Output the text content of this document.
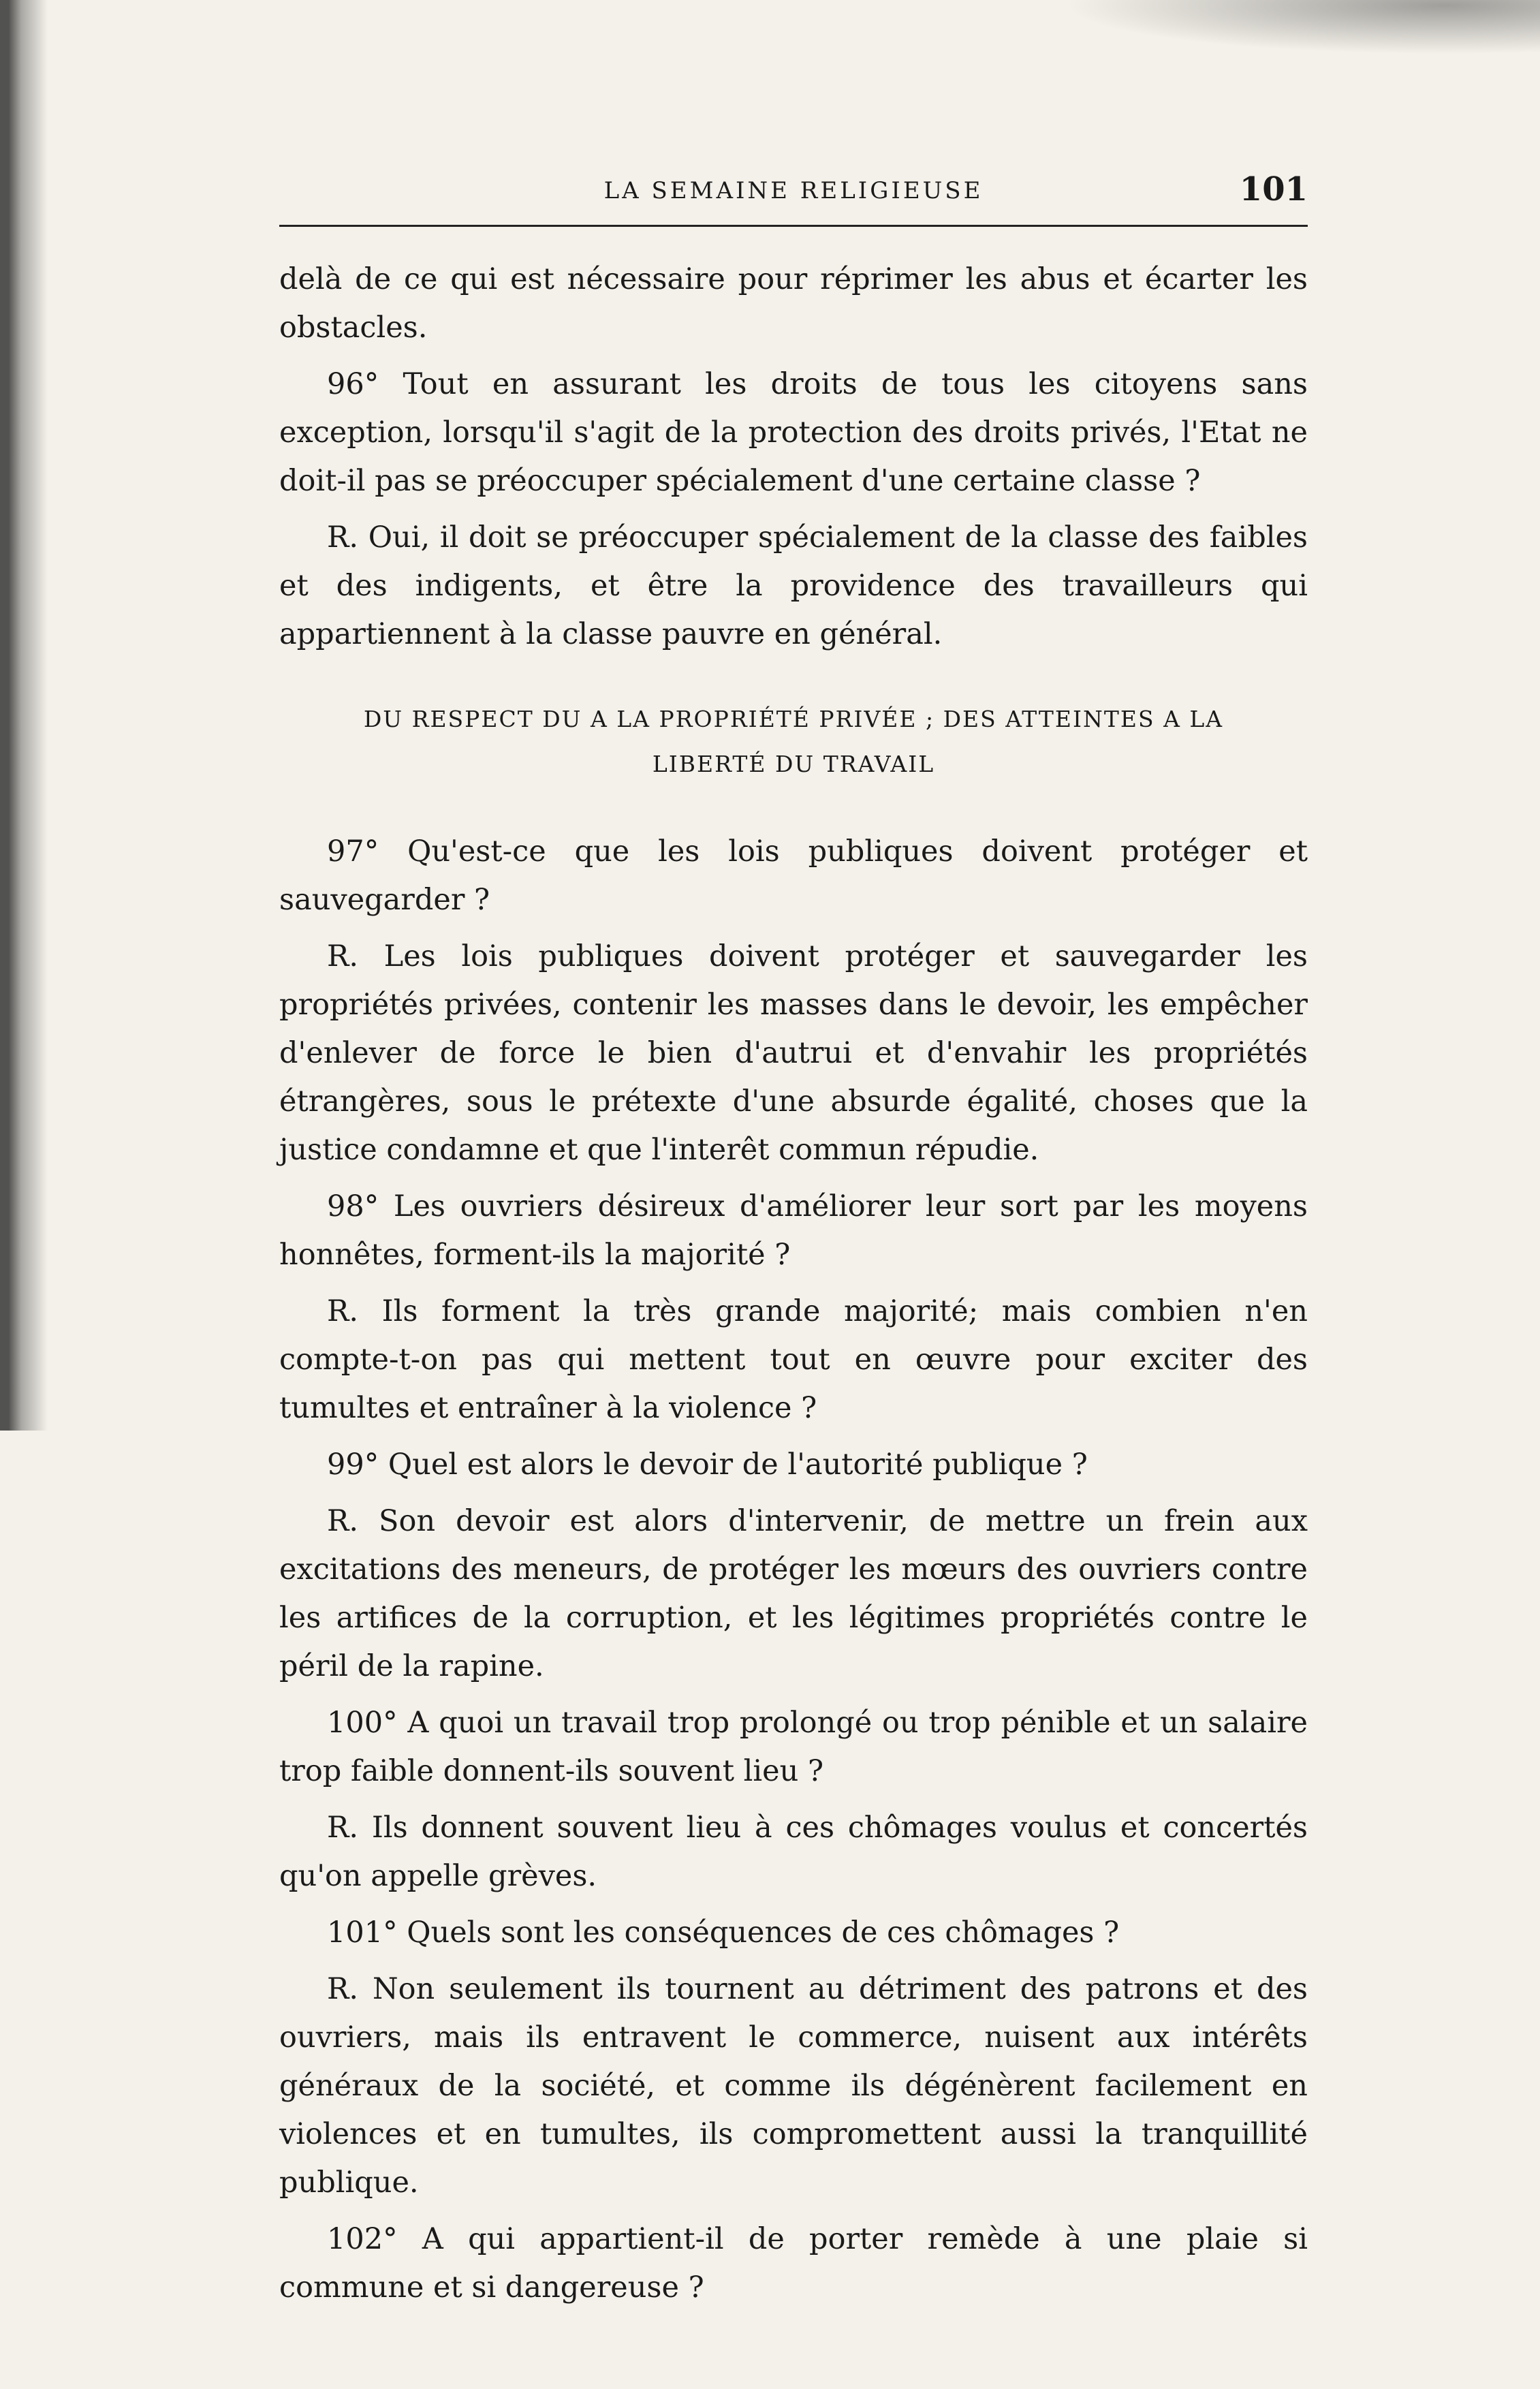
LA SEMAINE RELIGIEUSE	101

delà de ce qui est nécessaire pour réprimer les abus et écarter les obstacles.

96° Tout en assurant les droits de tous les citoyens sans exception, lorsqu'il s'agit de la protection des droits privés, l'Etat ne doit-il pas se préoccuper spécialement d'une certaine classe ?

R. Oui, il doit se préoccuper spécialement de la classe des faibles et des indigents, et être la providence des travailleurs qui appartiennent à la classe pauvre en général.

DU RESPECT DU A LA PROPRIÉTÉ PRIVÉE ; DES ATTEINTES A LA
LIBERTÉ DU TRAVAIL

97° Qu'est-ce que les lois publiques doivent protéger et sauvegarder ?

R. Les lois publiques doivent protéger et sauvegarder les propriétés privées, contenir les masses dans le devoir, les empêcher d'enlever de force le bien d'autrui et d'envahir les propriétés étrangères, sous le prétexte d'une absurde égalité, choses que la justice condamne et que l'interêt commun répudie.

98° Les ouvriers désireux d'améliorer leur sort par les moyens honnêtes, forment-ils la majorité ?

R. Ils forment la très grande majorité; mais combien n'en compte-t-on pas qui mettent tout en œuvre pour exciter des tumultes et entraîner à la violence ?

99° Quel est alors le devoir de l'autorité publique ?

R. Son devoir est alors d'intervenir, de mettre un frein aux excitations des meneurs, de protéger les mœurs des ouvriers contre les artifices de la corruption, et les légitimes propriétés contre le péril de la rapine.

100° A quoi un travail trop prolongé ou trop pénible et un salaire trop faible donnent-ils souvent lieu ?

R. Ils donnent souvent lieu à ces chômages voulus et concertés qu'on appelle grèves.

101° Quels sont les conséquences de ces chômages ?

R. Non seulement ils tournent au détriment des patrons et des ouvriers, mais ils entravent le commerce, nuisent aux intérêts généraux de la société, et comme ils dégénèrent facilement en violences et en tumultes, ils compromettent aussi la tranquillité publique.

102° A qui appartient-il de porter remède à une plaie si commune et si dangereuse ?
